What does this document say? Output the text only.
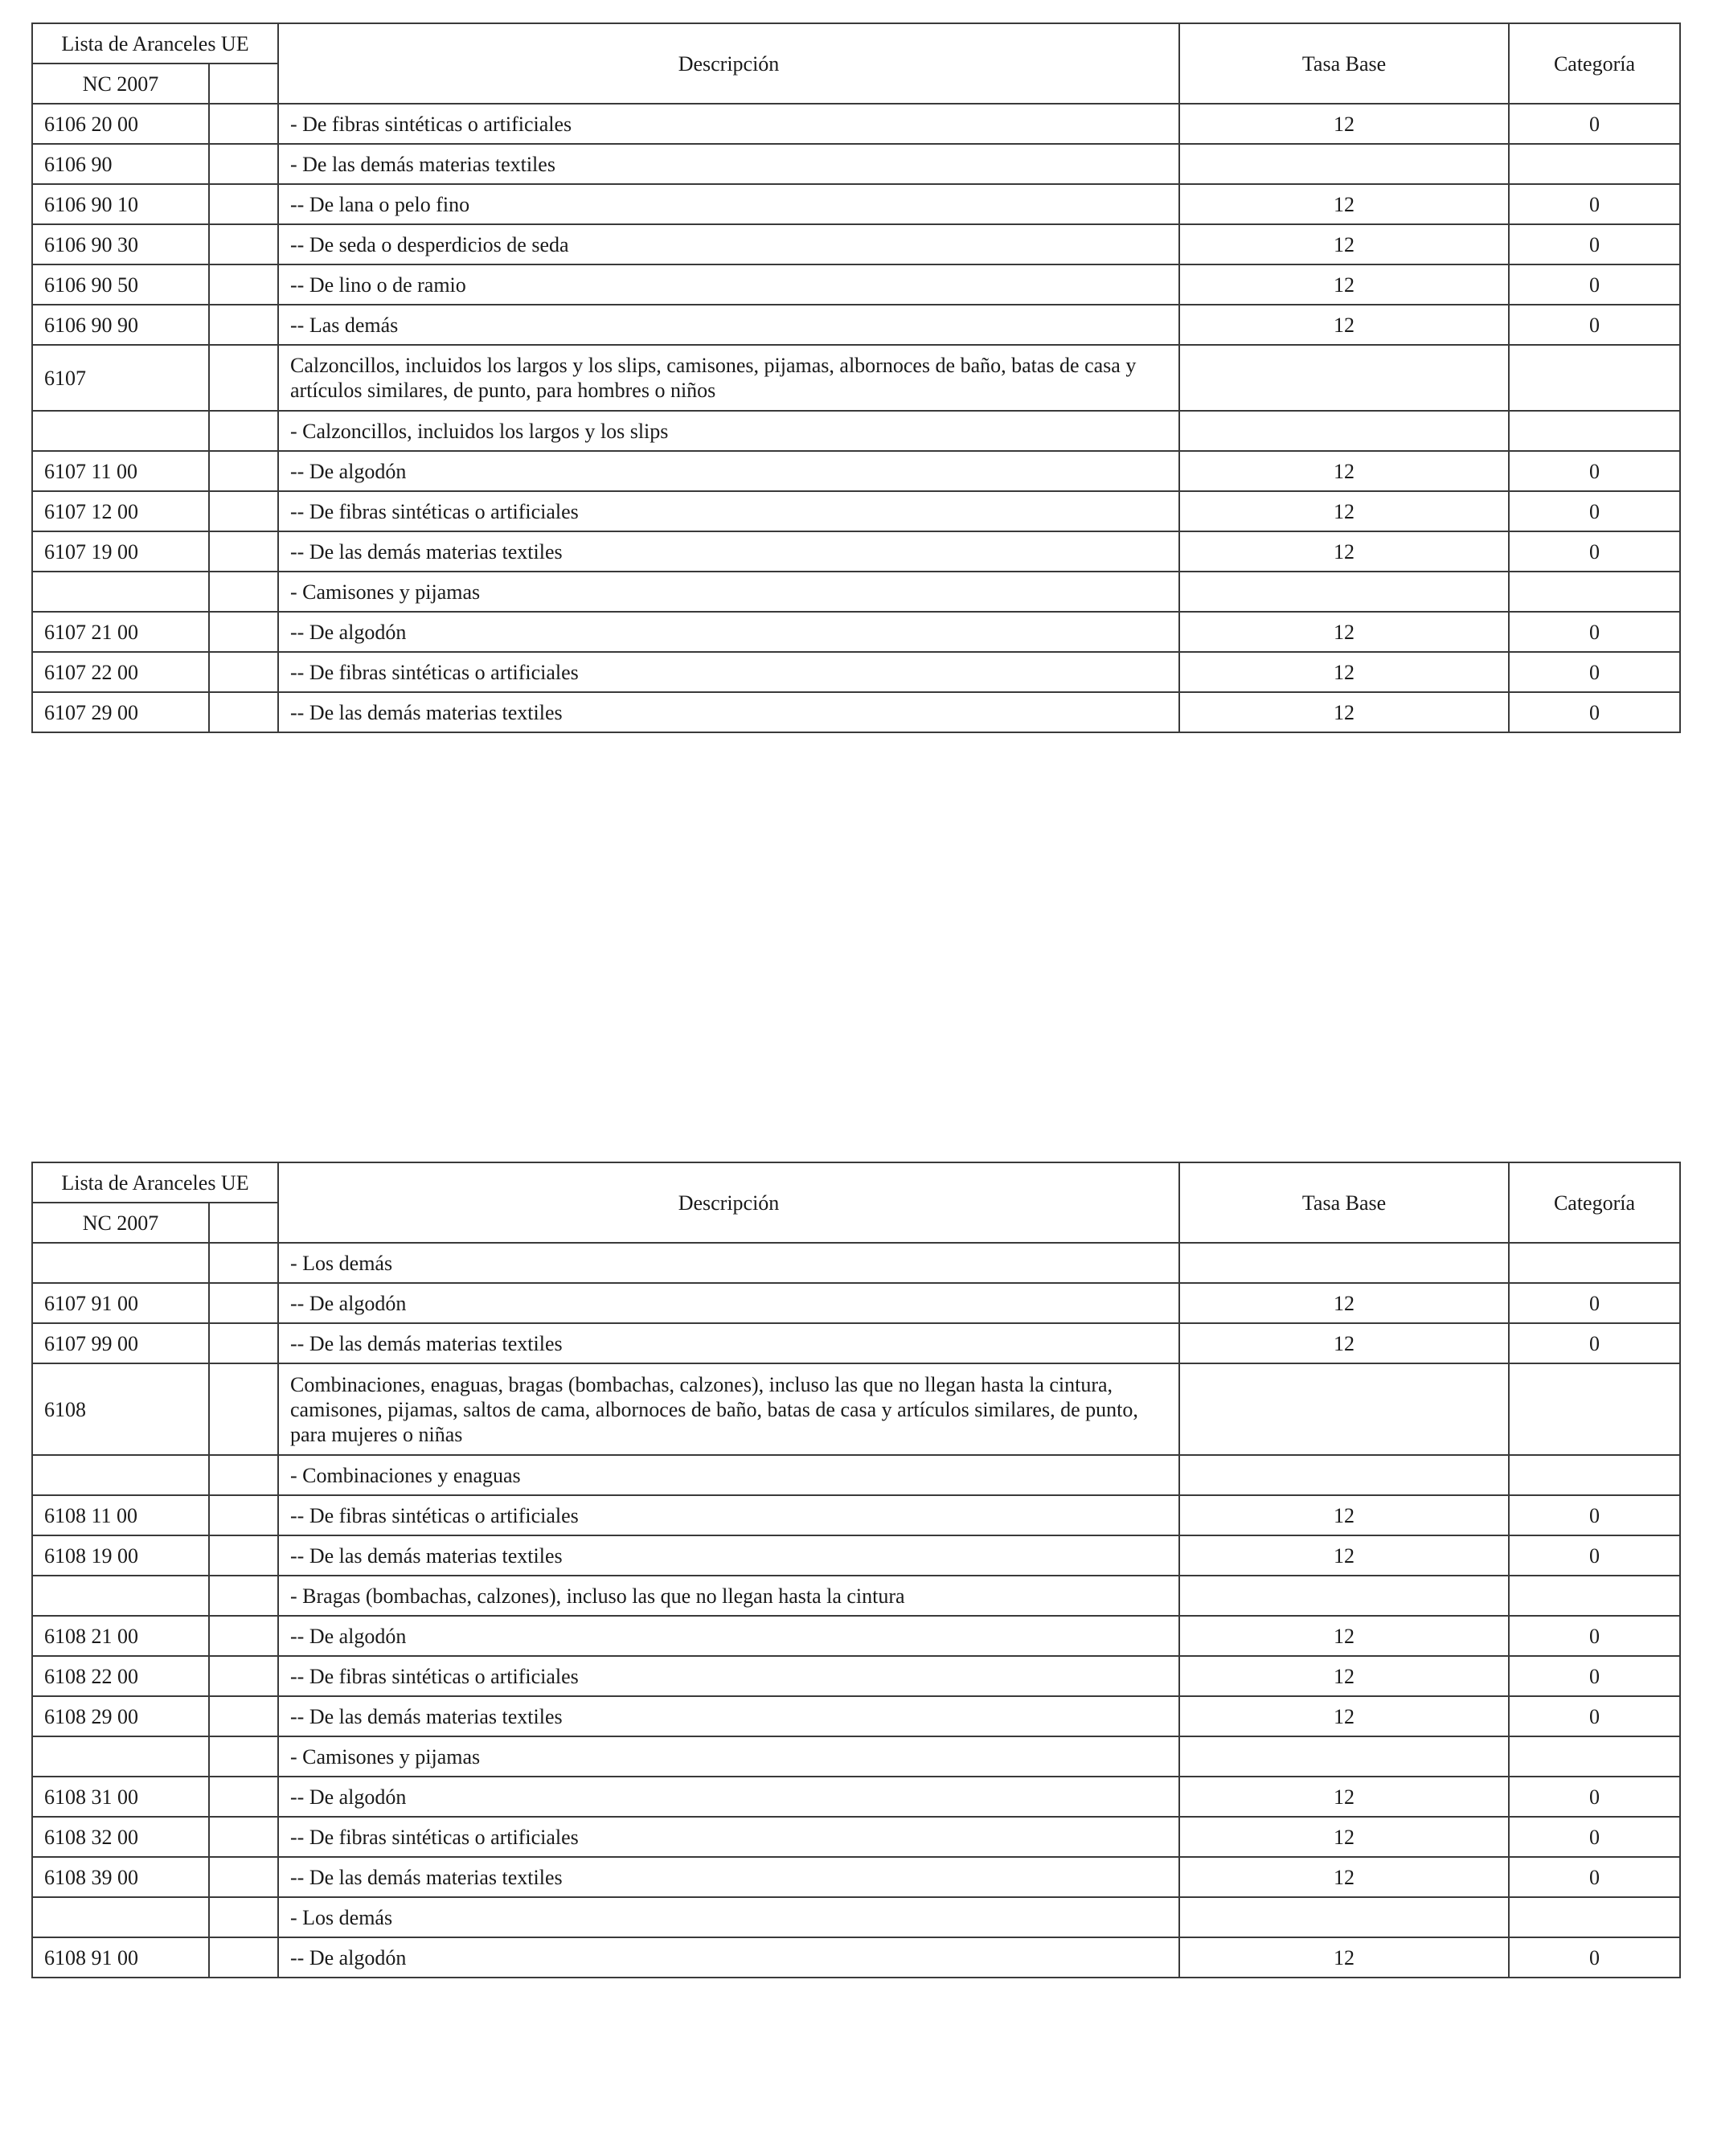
Lista de Aranceles UE		Descripción	Tasa Base	Categoría
NC 2007				
6106 20 00		- De fibras sintéticas o artificiales	12	0
6106 90		- De las demás materias textiles		
6106 90 10		-- De lana o pelo fino	12	0
6106 90 30		-- De seda o desperdicios de seda	12	0
6106 90 50		-- De lino o de ramio	12	0
6106 90 90		-- Las demás	12	0
6107		Calzoncillos, incluidos los largos y los slips, camisones, pijamas, albornoces de baño, batas de casa y artículos similares, de punto, para hombres o niños		
		- Calzoncillos, incluidos los largos y los slips		
6107 11 00		-- De algodón	12	0
6107 12 00		-- De fibras sintéticas o artificiales	12	0
6107 19 00		-- De las demás materias textiles	12	0
		- Camisones y pijamas		
6107 21 00		-- De algodón	12	0
6107 22 00		-- De fibras sintéticas o artificiales	12	0
6107 29 00		-- De las demás materias textiles	12	0
Lista de Aranceles UE		Descripción	Tasa Base	Categoría
NC 2007				
		- Los demás		
6107 91 00		-- De algodón	12	0
6107 99 00		-- De las demás materias textiles	12	0
6108		Combinaciones, enaguas, bragas (bombachas, calzones), incluso las que no llegan hasta la cintura, camisones, pijamas, saltos de cama, albornoces de baño, batas de casa y artículos similares, de punto, para mujeres o niñas		
		- Combinaciones y enaguas		
6108 11 00		-- De fibras sintéticas o artificiales	12	0
6108 19 00		-- De las demás materias textiles	12	0
		- Bragas (bombachas, calzones), incluso las que no llegan hasta la cintura		
6108 21 00		-- De algodón	12	0
6108 22 00		-- De fibras sintéticas o artificiales	12	0
6108 29 00		-- De las demás materias textiles	12	0
		- Camisones y pijamas		
6108 31 00		-- De algodón	12	0
6108 32 00		-- De fibras sintéticas o artificiales	12	0
6108 39 00		-- De las demás materias textiles	12	0
		- Los demás		
6108 91 00		-- De algodón	12	0
